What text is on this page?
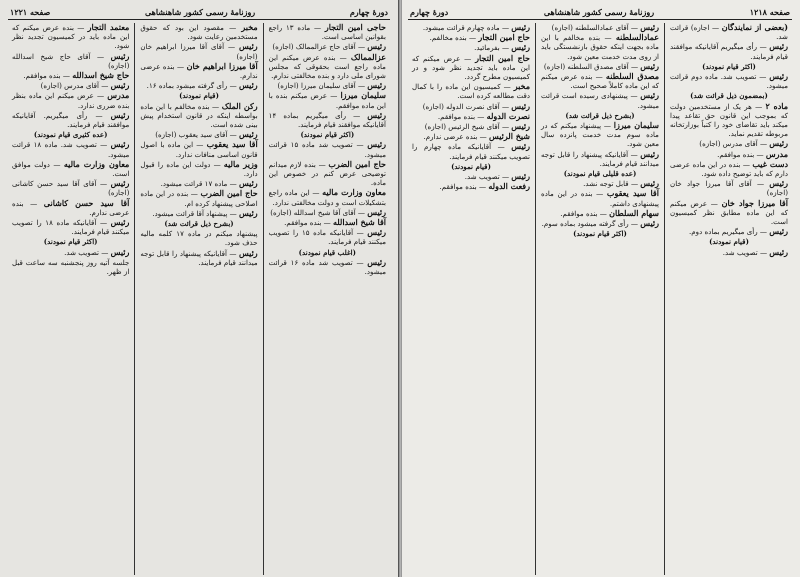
دورهٔ چهارم
روزنامهٔ رسمی کشور شاهنشاهی
صفحه ۱۲۲۱

حاجی امین التجار — ماده ۱۳ راجع بقوانین اساسی است.

رئیس — آقای حاج عزالممالک (اجازه)

عزالممالک — بنده عرض میکنم این ماده راجع است بحقوقی که مجلس شورای ملی دارد و بنده مخالفتی ندارم.

رئیس — آقای سلیمان میرزا (اجازه)

سلیمان میرزا — عرض میکنم بنده با این ماده موافقم.

رئیس — رأی میگیریم بماده ۱۴ آقایانیکه موافقند قیام فرمایند.

(اکثر قیام نمودند)

رئیس — تصویب شد ماده ۱۵ قرائت میشود.

حاج امین الضرب — بنده لازم میدانم توضیحی عرض کنم در خصوص این ماده.

معاون وزارت مالیه — این ماده راجع بتشکیلات است و دولت مخالفتی ندارد.

رئیس — آقای آقا شیخ اسدالله (اجازه)

آقا شیخ اسدالله — بنده موافقم.

رئیس — آقایانیکه ماده ۱۵ را تصویب میکنند قیام فرمایند.

(اغلب قیام نمودند)

رئیس — تصویب شد ماده ۱۶ قرائت میشود.

مخبر — مقصود این بود که حقوق مستخدمین رعایت شود.

رئیس — آقای آقا میرزا ابراهیم خان (اجازه)

آقا میرزا ابراهیم خان — بنده عرضی ندارم.

رئیس — رأی گرفته میشود بماده ۱۶.

(قیام نمودند)

رکن الملک — بنده مخالفم با این ماده بواسطه اینکه در قانون استخدام پیش بینی شده است.

رئیس — آقای سید یعقوب (اجازه)

آقا سید یعقوب — این ماده با اصول قانون اساسی منافات ندارد.

وزیر مالیه — دولت این ماده را قبول دارد.

رئیس — ماده ۱۷ قرائت میشود.

حاج امین الضرب — بنده در این ماده اصلاحی پیشنهاد کرده ام.

رئیس — پیشنهاد آقا قرائت میشود.

(بشرح ذیل قرائت شد)

پیشنهاد میکنم در ماده ۱۷ کلمه مالیه حذف شود.

رئیس — آقایانیکه پیشنهاد را قابل توجه میدانند قیام فرمایند.

معتمد التجار — بنده عرض میکنم که این ماده باید در کمیسیون تجدید نظر شود.

رئیس — آقای حاج شیخ اسدالله (اجازه)

حاج شیخ اسدالله — بنده موافقم.

رئیس — آقای مدرس (اجازه)

مدرس — عرض میکنم این ماده بنظر بنده ضرری ندارد.

رئیس — رأی میگیریم. آقایانیکه موافقند قیام فرمایند.

(عده کثیری قیام نمودند)

رئیس — تصویب شد. ماده ۱۸ قرائت میشود.

معاون وزارت مالیه — دولت موافق است.

رئیس — آقای آقا سید حسن کاشانی (اجازه)

آقا سید حسن کاشانی — بنده عرضی ندارم.

رئیس — آقایانیکه ماده ۱۸ را تصویب میکنند قیام فرمایند.

(اکثر قیام نمودند)

رئیس — تصویب شد.

جلسه آتیه روز پنجشنبه سه ساعت قبل از ظهر.

صفحه ۱۲۱۸
روزنامهٔ رسمی کشور شاهنشاهی
دورهٔ چهارم

(بعضی از نمایندگان — اجازه) قرائت شد.

رئیس — رأی میگیریم آقایانیکه موافقند قیام فرمایند.

(اکثر قیام نمودند)

رئیس — تصویب شد. ماده دوم قرائت میشود.

(بمضمون ذیل قرائت شد)

ماده ۲ — هر یک از مستخدمین دولت که بموجب این قانون حق تقاعد پیدا میکند باید تقاضای خود را کتباً بوزارتخانه مربوطه تقدیم نماید.

رئیس — آقای مدرس (اجازه)

مدرس — بنده موافقم.

دست غیب — بنده در این ماده عرضی دارم که باید توضیح داده شود.

رئیس — آقای آقا میرزا جواد خان (اجازه)

آقا میرزا جواد خان — عرض میکنم که این ماده مطابق نظر کمیسیون است.

رئیس — رأی میگیریم بماده دوم.

(قیام نمودند)

رئیس — تصویب شد.

رئیس — آقای عمادالسلطنه (اجازه)

عمادالسلطنه — بنده مخالفم با این ماده بجهت اینکه حقوق بازنشستگی باید از روی مدت خدمت معین شود.

رئیس — آقای مصدق السلطنه (اجازه)

مصدق السلطنه — بنده عرض میکنم که این ماده کاملاً صحیح است.

رئیس — پیشنهادی رسیده است قرائت میشود.

(بشرح ذیل قرائت شد)

سلیمان میرزا — پیشنهاد میکنم که در ماده سوم مدت خدمت پانزده سال معین شود.

رئیس — آقایانیکه پیشنهاد را قابل توجه میدانند قیام فرمایند.

(عده قلیلی قیام نمودند)

رئیس — قابل توجه نشد.

آقا سید یعقوب — بنده در این ماده پیشنهادی داشتم.

سهام السلطان — بنده موافقم.

رئیس — رأی گرفته میشود بماده سوم.

(اکثر قیام نمودند)

رئیس — ماده چهارم قرائت میشود.

حاج امین التجار — بنده مخالفم.

رئیس — بفرمائید.

حاج امین التجار — عرض میکنم که این ماده باید تجدید نظر شود و در کمیسیون مطرح گردد.

مخبر — کمیسیون این ماده را با کمال دقت مطالعه کرده است.

رئیس — آقای نصرت الدوله (اجازه)

نصرت الدوله — بنده موافقم.

رئیس — آقای شیخ الرئیس (اجازه)

شیخ الرئیس — بنده عرضی ندارم.

رئیس — آقایانیکه ماده چهارم را تصویب میکنند قیام فرمایند.

(قیام نمودند)

رئیس — تصویب شد.

رفعت الدوله — بنده موافقم.
